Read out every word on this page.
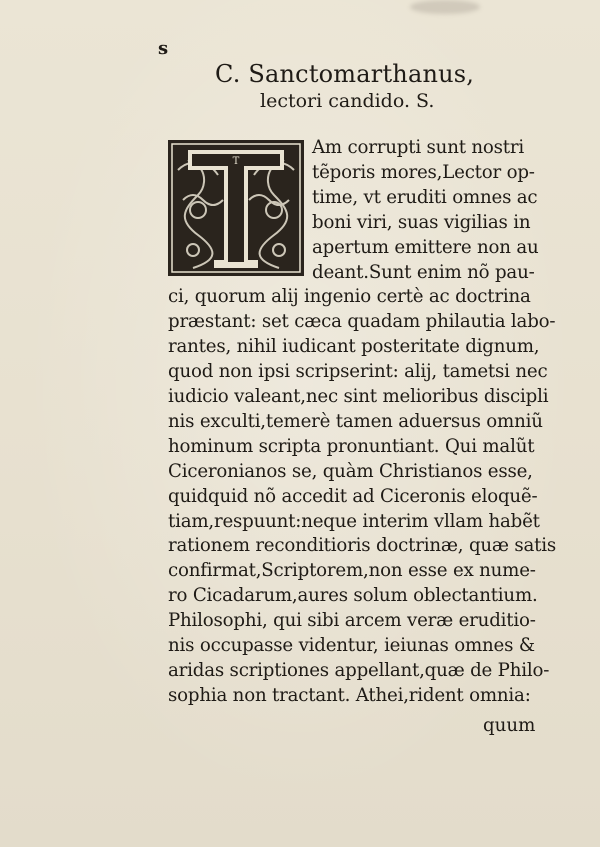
s
C. Sanctomarthanus,
lectori candido. S.
T
Am corrupti sunt nostri
tẽporis mores,Lector op-
time, vt eruditi omnes ac
boni viri, suas vigilias in
apertum emittere non au
deant.Sunt enim nõ pau-
ci, quorum alij ingenio certè ac doctrina
præstant: set cæca quadam philautia labo-
rantes, nihil iudicant posteritate dignum,
quod non ipsi scripserint: alij, tametsi nec
iudicio valeant,nec sint melioribus discipli
nis exculti,temerè tamen aduersus omniũ
hominum scripta pronuntiant. Qui malũt
Ciceronianos se, quàm Christianos esse,
quidquid nõ accedit ad Ciceronis eloquẽ-
tiam,respuunt:neque interim vllam habẽt
rationem reconditioris doctrinæ, quæ satis
confirmat,Scriptorem,non esse ex nume-
ro Cicadarum,aures solum oblectantium.
Philosophi, qui sibi arcem veræ eruditio-
nis occupasse videntur, ieiunas omnes &
aridas scriptiones appellant,quæ de Philo-
sophia non tractant. Athei,rident omnia:
quum
